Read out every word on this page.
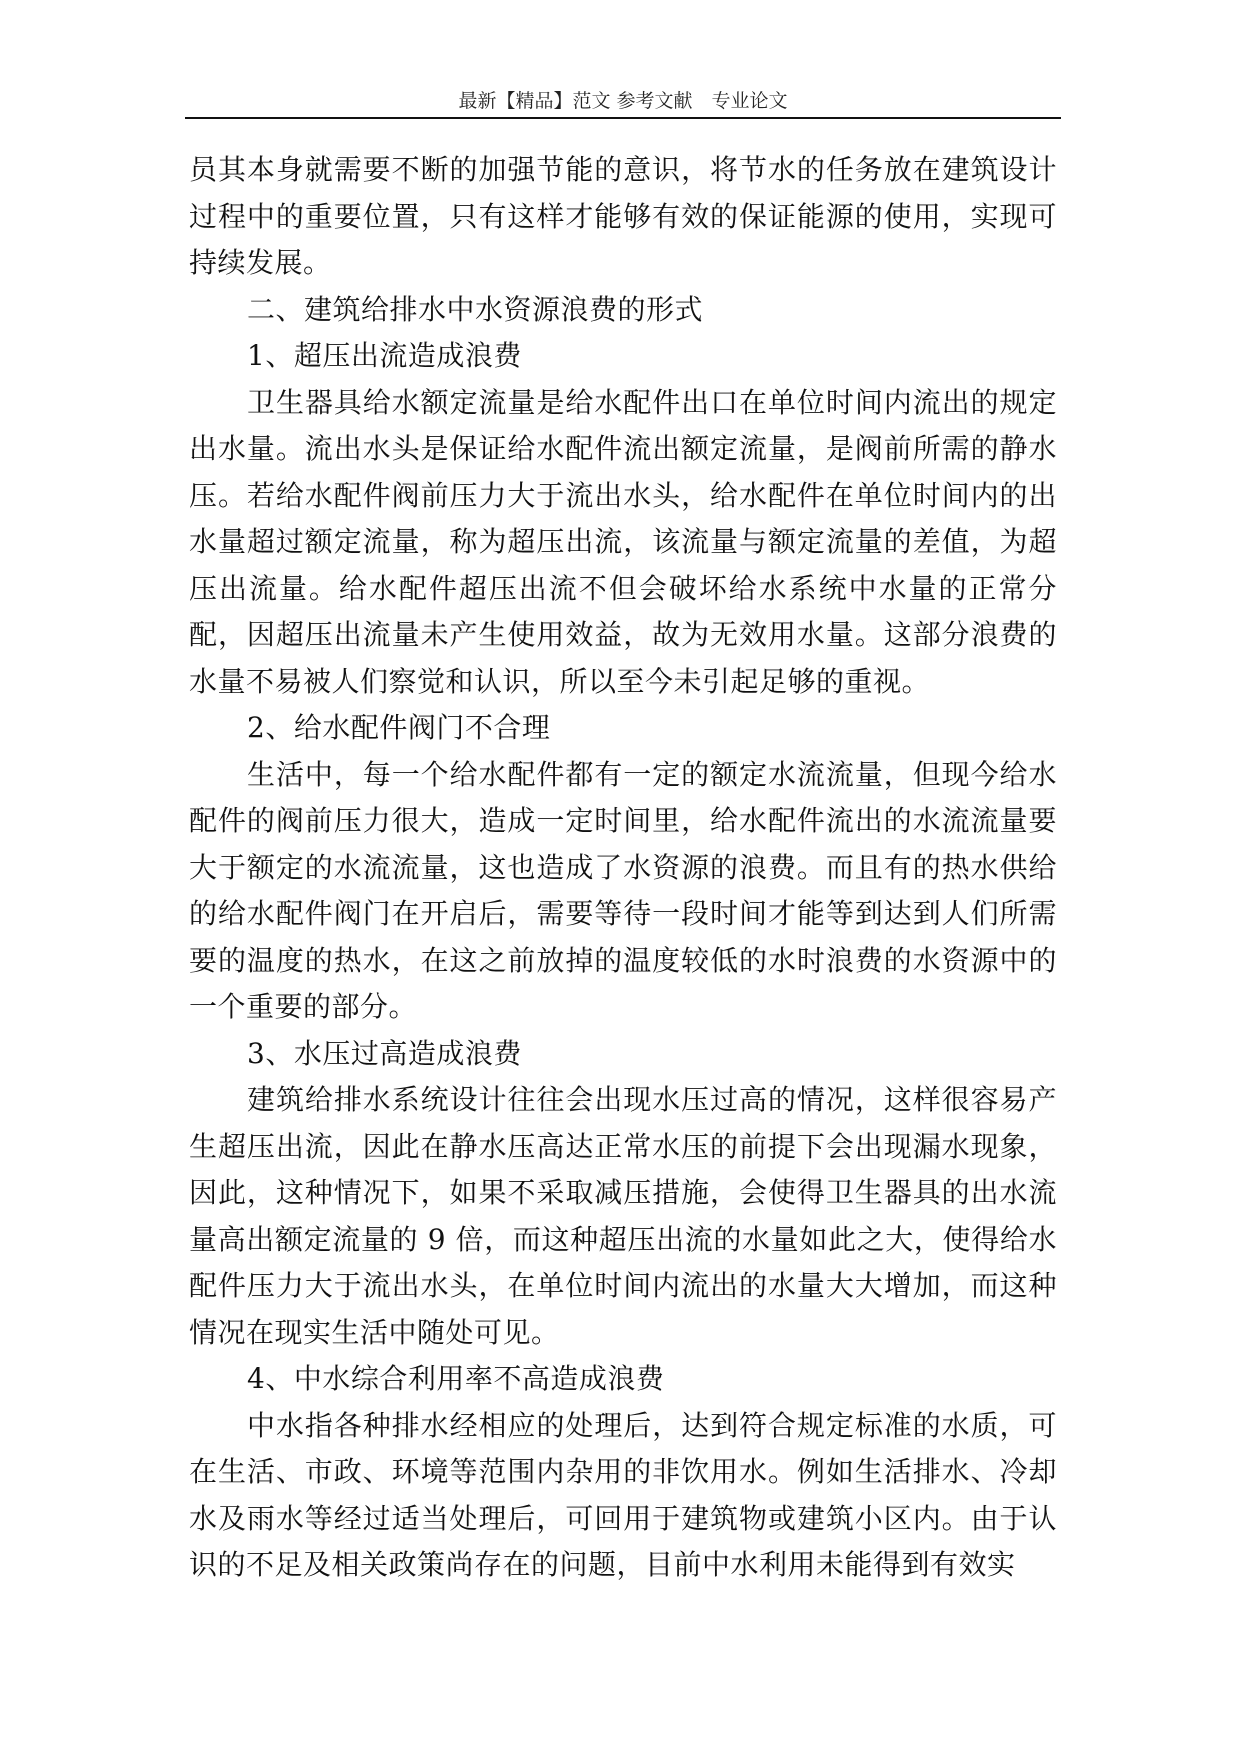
最新【精品】范文 参考文献　专业论文

员其本身就需要不断的加强节能的意识，将节水的任务放在建筑设计过程中的重要位置，只有这样才能够有效的保证能源的使用，实现可持续发展。

二、建筑给排水中水资源浪费的形式

1、超压出流造成浪费

卫生器具给水额定流量是给水配件出口在单位时间内流出的规定出水量。流出水头是保证给水配件流出额定流量，是阀前所需的静水压。若给水配件阀前压力大于流出水头，给水配件在单位时间内的出水量超过额定流量，称为超压出流，该流量与额定流量的差值，为超压出流量。给水配件超压出流不但会破坏给水系统中水量的正常分配，因超压出流量未产生使用效益，故为无效用水量。这部分浪费的水量不易被人们察觉和认识，所以至今未引起足够的重视。

2、给水配件阀门不合理

生活中，每一个给水配件都有一定的额定水流流量，但现今给水配件的阀前压力很大，造成一定时间里，给水配件流出的水流流量要大于额定的水流流量，这也造成了水资源的浪费。而且有的热水供给的给水配件阀门在开启后，需要等待一段时间才能等到达到人们所需要的温度的热水，在这之前放掉的温度较低的水时浪费的水资源中的一个重要的部分。

3、水压过高造成浪费

建筑给排水系统设计往往会出现水压过高的情况，这样很容易产生超压出流，因此在静水压高达正常水压的前提下会出现漏水现象，因此，这种情况下，如果不采取减压措施，会使得卫生器具的出水流量高出额定流量的 9 倍，而这种超压出流的水量如此之大，使得给水配件压力大于流出水头，在单位时间内流出的水量大大增加，而这种情况在现实生活中随处可见。

4、中水综合利用率不高造成浪费

中水指各种排水经相应的处理后，达到符合规定标准的水质，可在生活、市政、环境等范围内杂用的非饮用水。例如生活排水、冷却水及雨水等经过适当处理后，可回用于建筑物或建筑小区内。由于认识的不足及相关政策尚存在的问题，目前中水利用未能得到有效实
